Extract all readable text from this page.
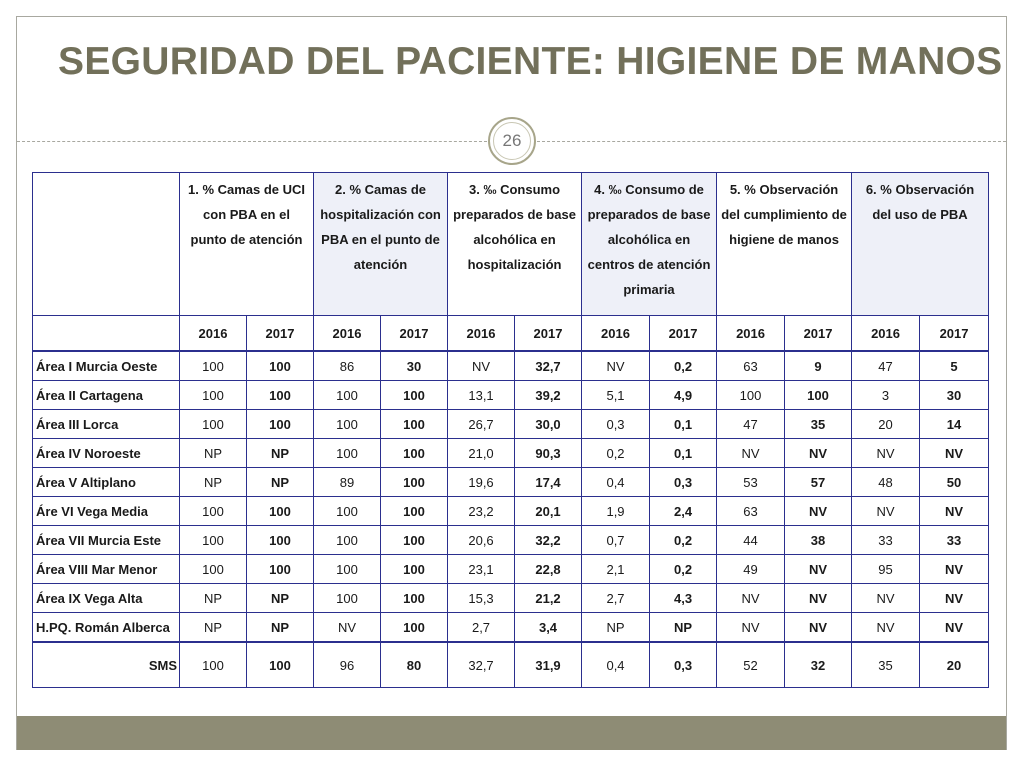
SEGURIDAD DEL PACIENTE: HIGIENE DE MANOS
26
	1. % Camas de UCI con PBA en el punto de atención		2. % Camas de hospitalización con PBA en el punto de atención		3. ‰ Consumo preparados de base alcohólica en hospitalización		4. ‰ Consumo de preparados de base alcohólica en centros de atención primaria		5. % Observación del cumplimiento de higiene de manos		6. % Observación del uso de PBA	
	2016	2017	2016	2017	2016	2017	2016	2017	2016	2017	2016	2017
Área I Murcia Oeste	100	100	86	30	NV	32,7	NV	0,2	63	9	47	5
Área II Cartagena	100	100	100	100	13,1	39,2	5,1	4,9	100	100	3	30
Área III Lorca	100	100	100	100	26,7	30,0	0,3	0,1	47	35	20	14
Área IV Noroeste	NP	NP	100	100	21,0	90,3	0,2	0,1	NV	NV	NV	NV
Área V Altiplano	NP	NP	89	100	19,6	17,4	0,4	0,3	53	57	48	50
Áre VI Vega Media	100	100	100	100	23,2	20,1	1,9	2,4	63	NV	NV	NV
Área VII Murcia Este	100	100	100	100	20,6	32,2	0,7	0,2	44	38	33	33
Área VIII Mar Menor	100	100	100	100	23,1	22,8	2,1	0,2	49	NV	95	NV
Área IX Vega Alta	NP	NP	100	100	15,3	21,2	2,7	4,3	NV	NV	NV	NV
H.PQ. Román Alberca	NP	NP	NV	100	2,7	3,4	NP	NP	NV	NV	NV	NV
SMS	100	100	96	80	32,7	31,9	0,4	0,3	52	32	35	20
